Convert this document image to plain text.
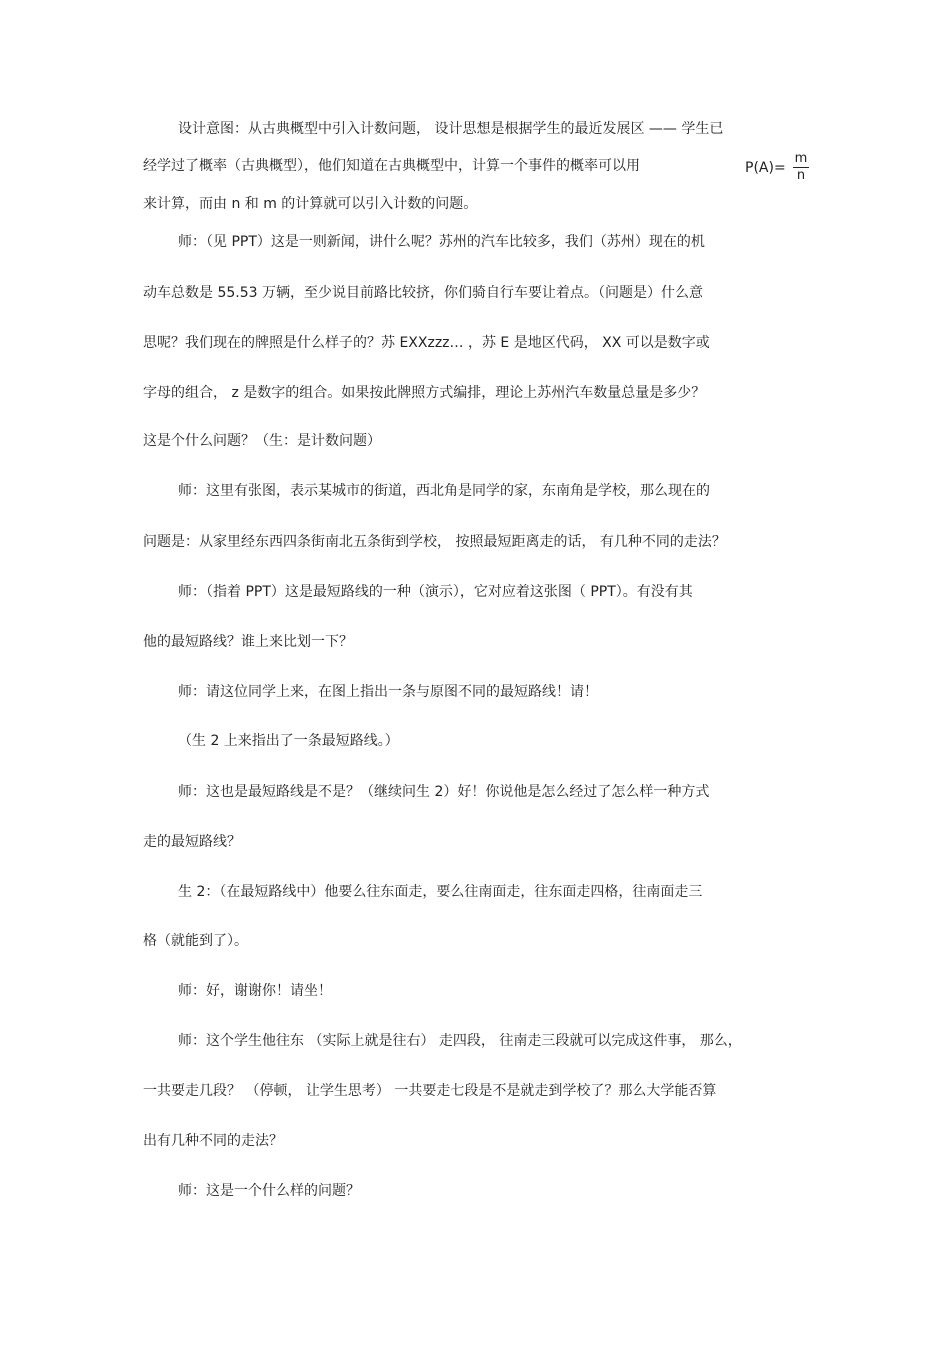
设计意图：从古典概型中引入计数问题， 设计思想是根据学生的最近发展区 —— 学生已
经学过了概率（古典概型），他们知道在古典概型中，计算一个事件的概率可以用	$P(A)= \frac{m}{n}$
来计算，而由 n 和 m 的计算就可以引入计数的问题。
师：（见 PPT）这是一则新闻，讲什么呢？苏州的汽车比较多，我们（苏州）现在的机
动车总数是 55.53 万辆，至少说目前路比较挤，你们骑自行车要让着点。（问题是）什么意
思呢？我们现在的牌照是什么样子的？苏 EXXzzz… ，苏 E 是地区代码， XX 可以是数字或
字母的组合， z 是数字的组合。如果按此牌照方式编排，理论上苏州汽车数量总量是多少？
这是个什么问题？（生：是计数问题）
师：这里有张图，表示某城市的街道，西北角是同学的家，东南角是学校，那么现在的
问题是：从家里经东西四条街南北五条街到学校， 按照最短距离走的话， 有几种不同的走法？
师：（指着 PPT）这是最短路线的一种（演示），它对应着这张图（ PPT）。有没有其
他的最短路线？谁上来比划一下？
师：请这位同学上来，在图上指出一条与原图不同的最短路线！请！
（生 2 上来指出了一条最短路线。）
师：这也是最短路线是不是？（继续问生 2）好！你说他是怎么经过了怎么样一种方式
走的最短路线？
生 2：（在最短路线中）他要么往东面走，要么往南面走，往东面走四格，往南面走三
格（就能到了）。
师：好，谢谢你！请坐！
师：这个学生他往东 （实际上就是往右） 走四段， 往南走三段就可以完成这件事， 那么，
一共要走几段？ （停顿， 让学生思考） 一共要走七段是不是就走到学校了？那么大学能否算
出有几种不同的走法？
师：这是一个什么样的问题？
